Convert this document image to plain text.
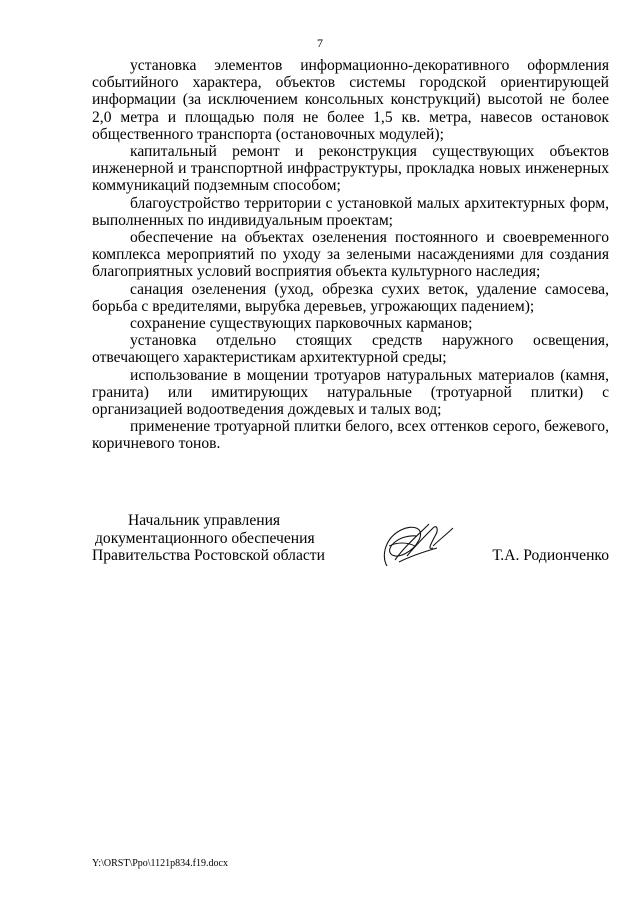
7

установка элементов информационно-декоративного оформления событийного характера, объектов системы городской ориентирующей информации (за исключением консольных конструкций) высотой не более 2,0 метра и площадью поля не более 1,5 кв. метра, навесов остановок общественного транспорта (остановочных модулей);

капитальный ремонт и реконструкция существующих объектов инженерной и транспортной инфраструктуры, прокладка новых инженерных коммуникаций подземным способом;

благоустройство территории с установкой малых архитектурных форм, выполненных по индивидуальным проектам;

обеспечение на объектах озеленения постоянного и своевременного комплекса мероприятий по уходу за зелеными насаждениями для создания благоприятных условий восприятия объекта культурного наследия;

санация озеленения (уход, обрезка сухих веток, удаление самосева, борьба с вредителями, вырубка деревьев, угрожающих падением);

сохранение существующих парковочных карманов;

установка отдельно стоящих средств наружного освещения, отвечающего характеристикам архитектурной среды;

использование в мощении тротуаров натуральных материалов (камня, гранита) или имитирующих натуральные (тротуарной плитки) с организацией водоотведения дождевых и талых вод;

применение тротуарной плитки белого, всех оттенков серого, бежевого, коричневого тонов.

Начальник управления
документационного обеспечения
Правительства Ростовской области	Т.А. Родионченко
Y:\ORST\Ppo\1121p834.f19.docx
